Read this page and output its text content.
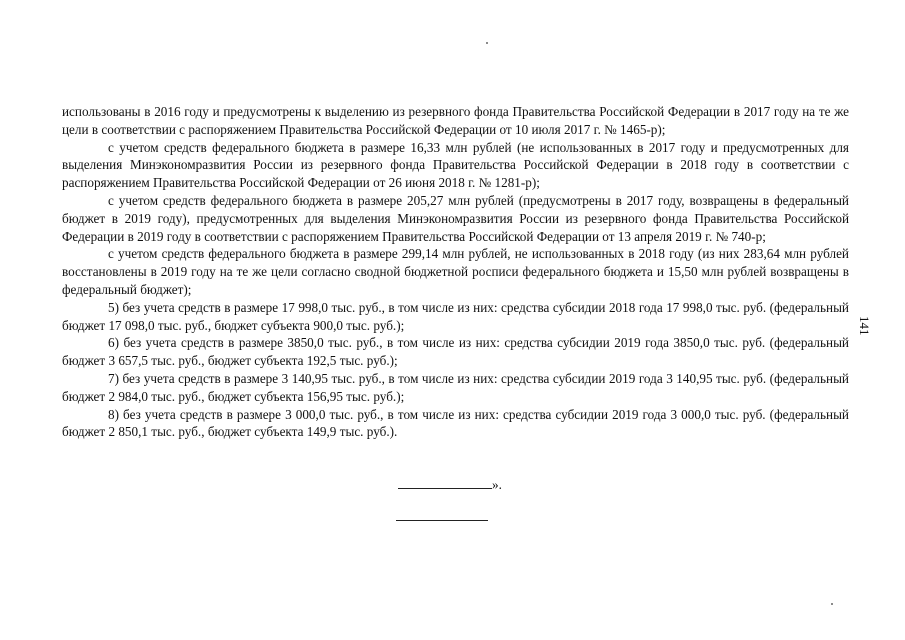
использованы в 2016 году и предусмотрены к выделению из резервного фонда Правительства Российской Федерации в 2017 году на те же цели в соответствии с распоряжением Правительства Российской Федерации от 10 июля 2017 г. № 1465-р);

с учетом средств федерального бюджета в размере 16,33 млн рублей (не использованных в 2017 году и предусмотренных для выделения Минэкономразвития России из резервного фонда Правительства Российской Федерации в 2018 году в соответствии с распоряжением Правительства Российской Федерации от 26 июня 2018 г. № 1281-р);

с учетом средств федерального бюджета в размере 205,27 млн рублей (предусмотрены в 2017 году, возвращены в федеральный бюджет в 2019 году), предусмотренных для выделения Минэкономразвития России из резервного фонда Правительства Российской Федерации в 2019 году в соответствии с распоряжением Правительства Российской Федерации от 13 апреля 2019 г. № 740-р;

с учетом средств федерального бюджета в размере 299,14 млн рублей, не использованных в 2018 году (из них 283,64 млн рублей восстановлены в 2019 году на те же цели согласно сводной бюджетной росписи федерального бюджета и 15,50 млн рублей возвращены в федеральный бюджет);

5) без учета средств в размере 17 998,0 тыс. руб., в том числе из них: средства субсидии 2018 года 17 998,0 тыс. руб. (федеральный бюджет 17 098,0 тыс. руб., бюджет субъекта 900,0 тыс. руб.);

6) без учета средств в размере 3850,0 тыс. руб., в том числе из них: средства субсидии 2019 года 3850,0 тыс. руб. (федеральный бюджет 3 657,5 тыс. руб., бюджет субъекта 192,5 тыс. руб.);

7) без учета средств в размере 3 140,95 тыс. руб., в том числе из них: средства субсидии 2019 года 3 140,95 тыс. руб. (федеральный бюджет 2 984,0 тыс. руб., бюджет субъекта 156,95 тыс. руб.);

8) без учета средств в размере 3 000,0 тыс. руб., в том числе из них: средства субсидии 2019 года 3 000,0 тыс. руб. (федеральный бюджет 2 850,1 тыс. руб., бюджет субъекта 149,9 тыс. руб.).

».
141
